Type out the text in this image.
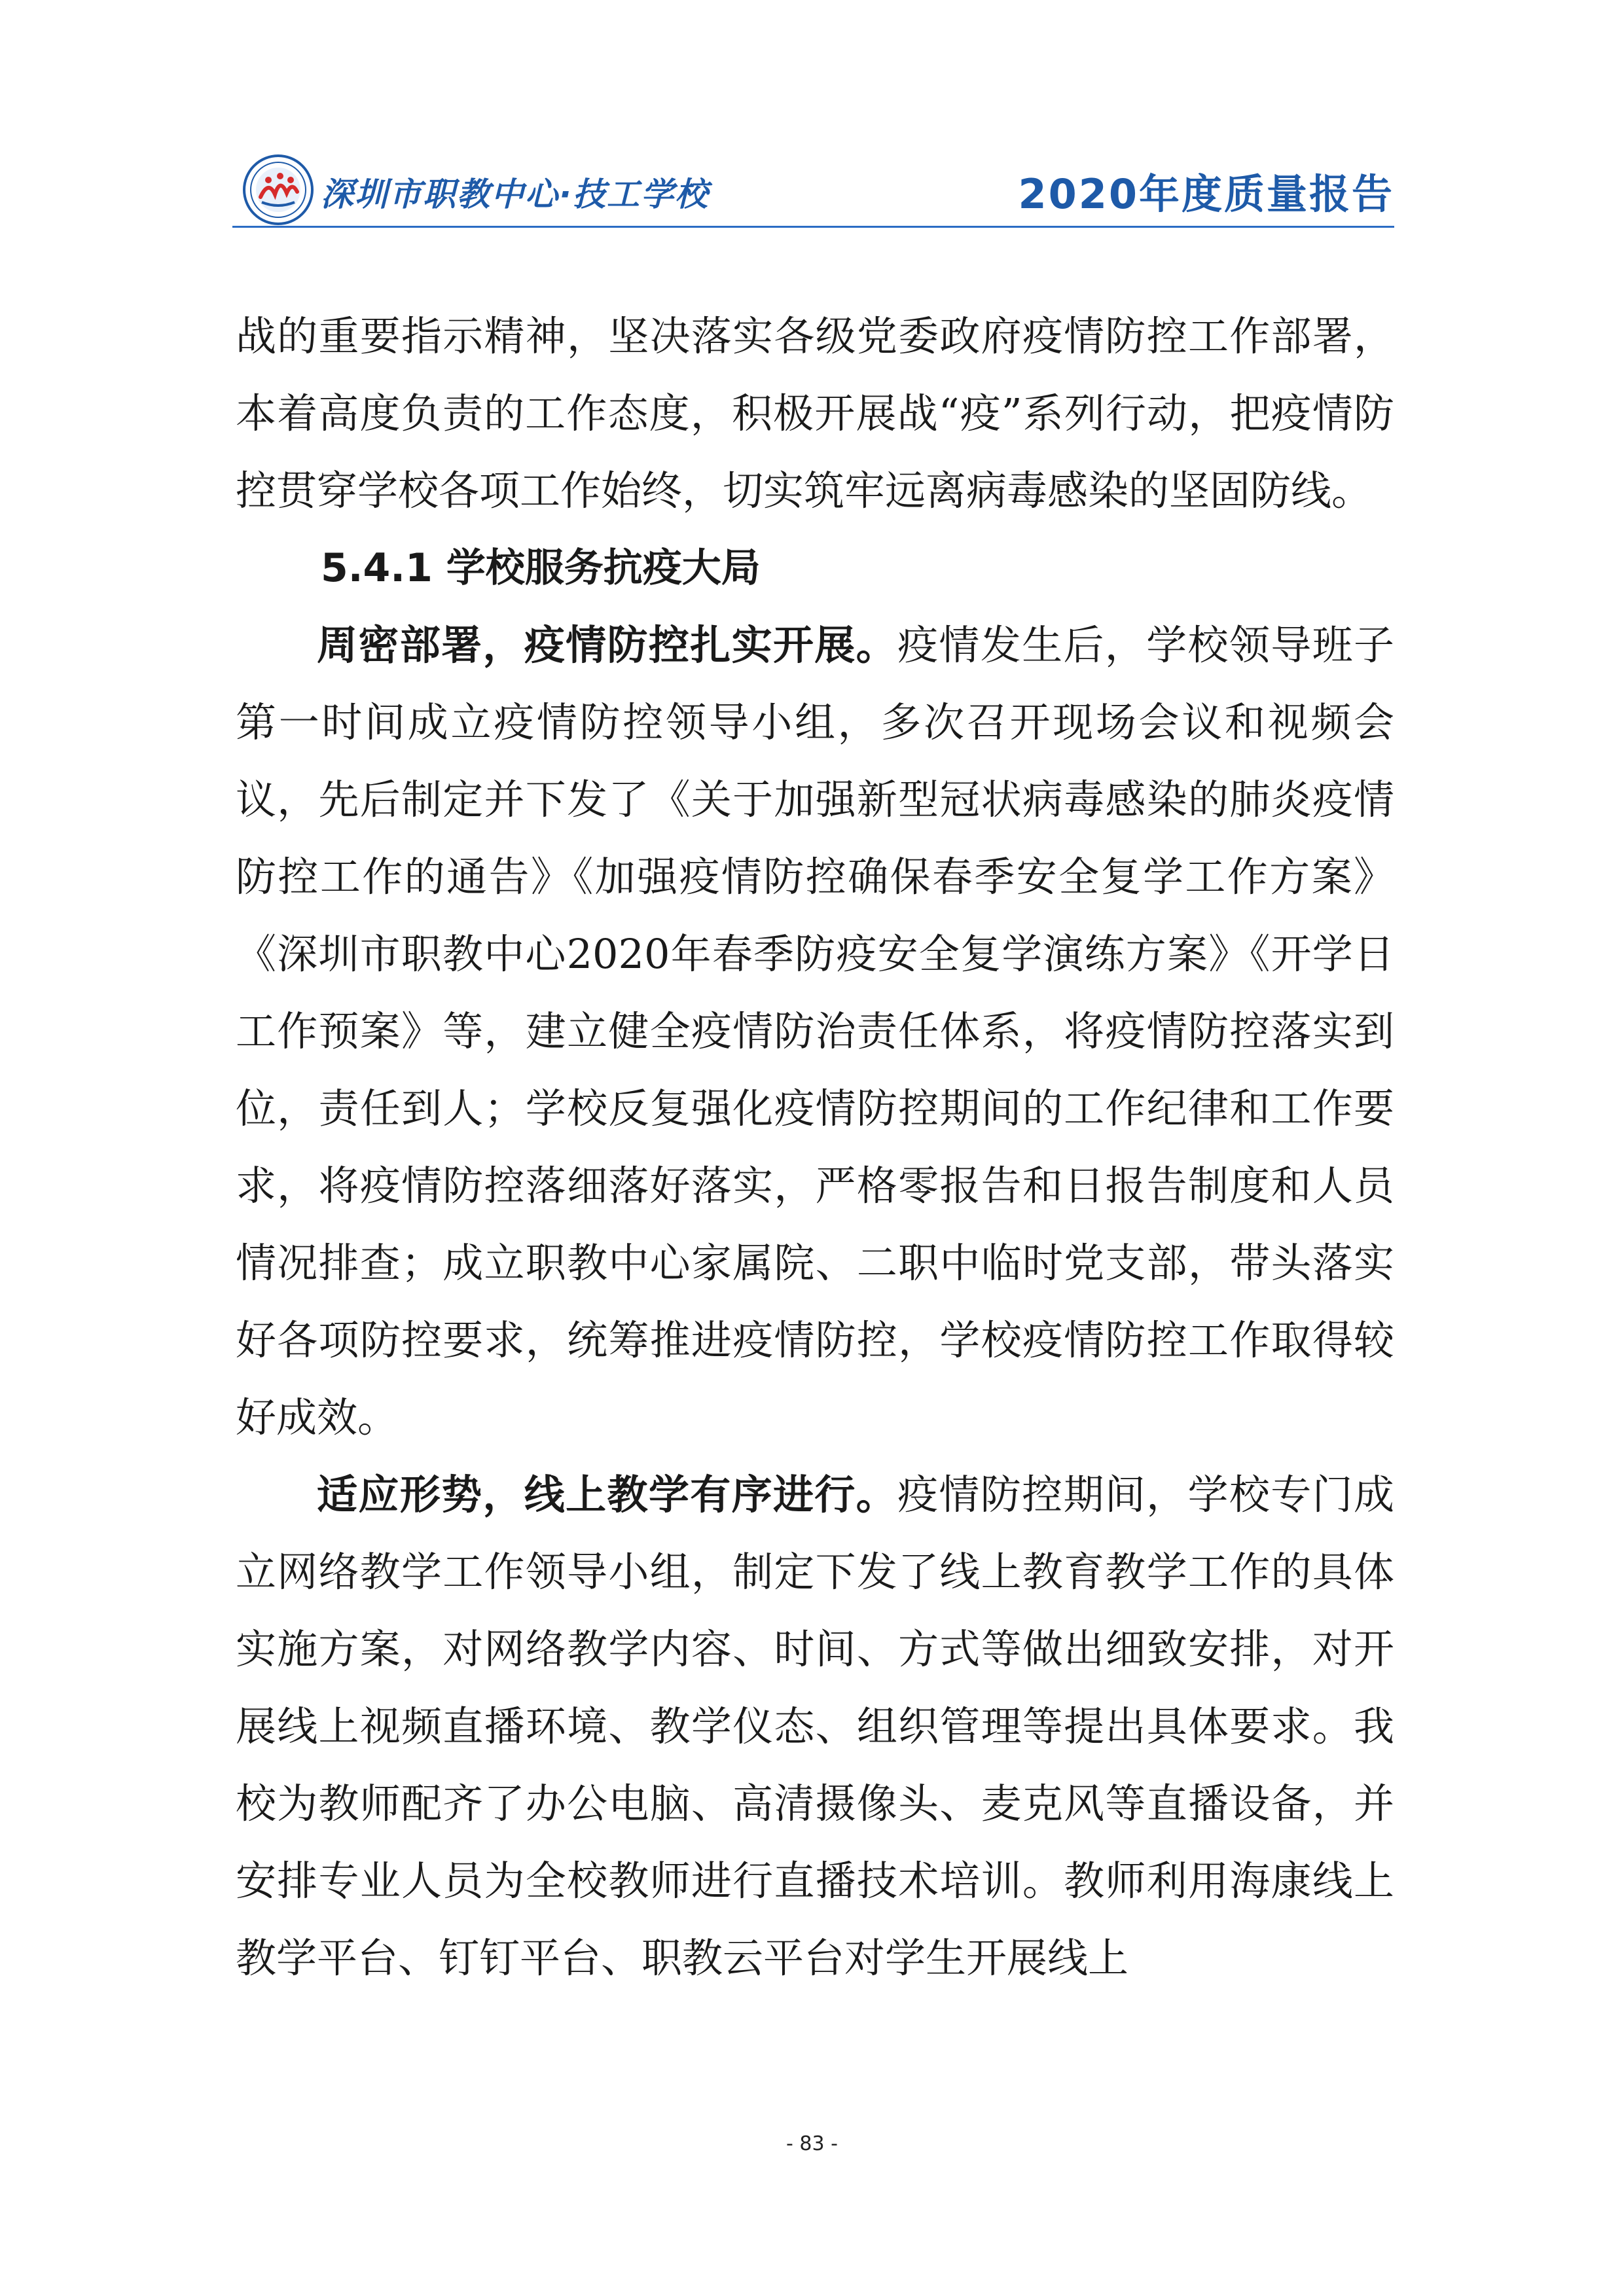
深圳市职教中心·技工学校	2020年度质量报告

战的重要指示精神，坚决落实各级党委政府疫情防控工作部署，本着高度负责的工作态度，积极开展战“疫”系列行动，把疫情防控贯穿学校各项工作始终，切实筑牢远离病毒感染的坚固防线。

5.4.1 学校服务抗疫大局

周密部署，疫情防控扎实开展。疫情发生后，学校领导班子第一时间成立疫情防控领导小组，多次召开现场会议和视频会议，先后制定并下发了《关于加强新型冠状病毒感染的肺炎疫情防控工作的通告》《加强疫情防控确保春季安全复学工作方案》《深圳市职教中心2020年春季防疫安全复学演练方案》《开学日工作预案》等，建立健全疫情防治责任体系，将疫情防控落实到位，责任到人；学校反复强化疫情防控期间的工作纪律和工作要求，将疫情防控落细落好落实，严格零报告和日报告制度和人员情况排查；成立职教中心家属院、二职中临时党支部，带头落实好各项防控要求，统筹推进疫情防控，学校疫情防控工作取得较好成效。

适应形势，线上教学有序进行。疫情防控期间，学校专门成立网络教学工作领导小组，制定下发了线上教育教学工作的具体实施方案，对网络教学内容、时间、方式等做出细致安排，对开展线上视频直播环境、教学仪态、组织管理等提出具体要求。我校为教师配齐了办公电脑、高清摄像头、麦克风等直播设备，并安排专业人员为全校教师进行直播技术培训。教师利用海康线上教学平台、钉钉平台、职教云平台对学生开展线上

- 83 -
